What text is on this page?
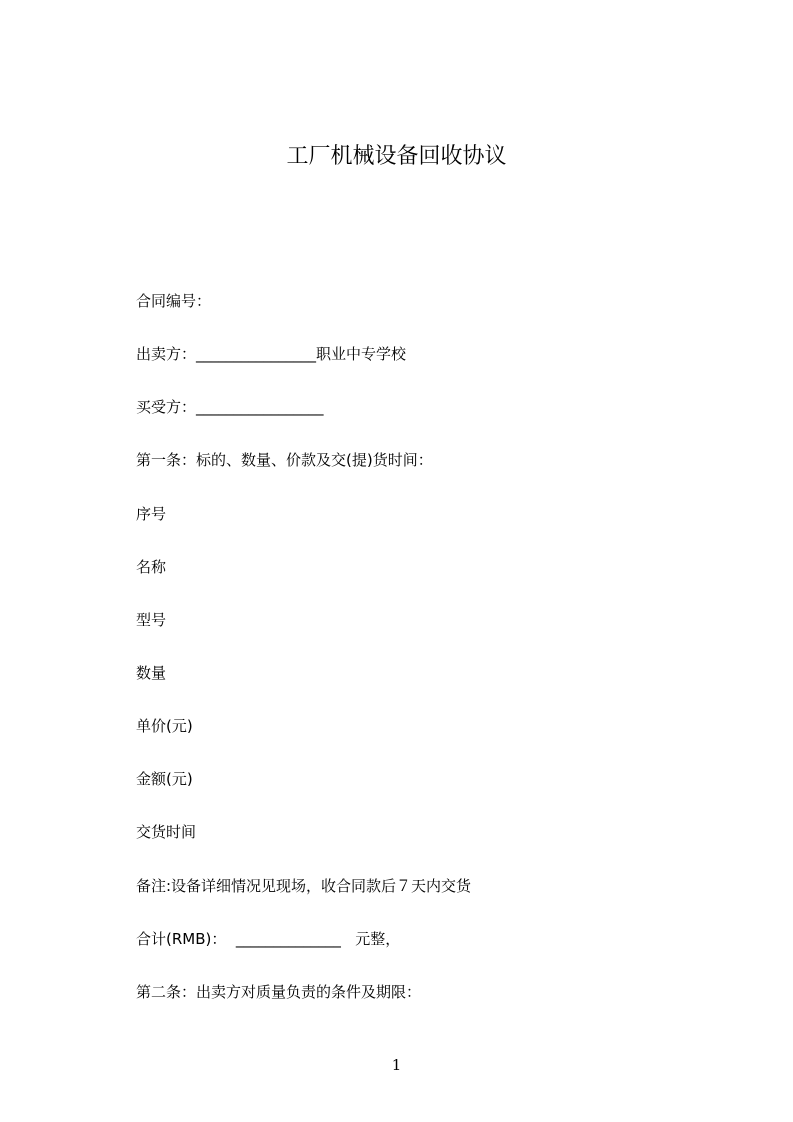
工厂机械设备回收协议
合同编号：
出卖方：________________职业中专学校
买受方：_________________
第一条：标的、数量、价款及交(提)货时间：
序号
名称
型号
数量
单价(元)
金额(元)
交货时间
备注:设备详细情况见现场，收合同款后７天内交货
合计(RMB)：  ______________   元整，
第二条：出卖方对质量负责的条件及期限：
1
